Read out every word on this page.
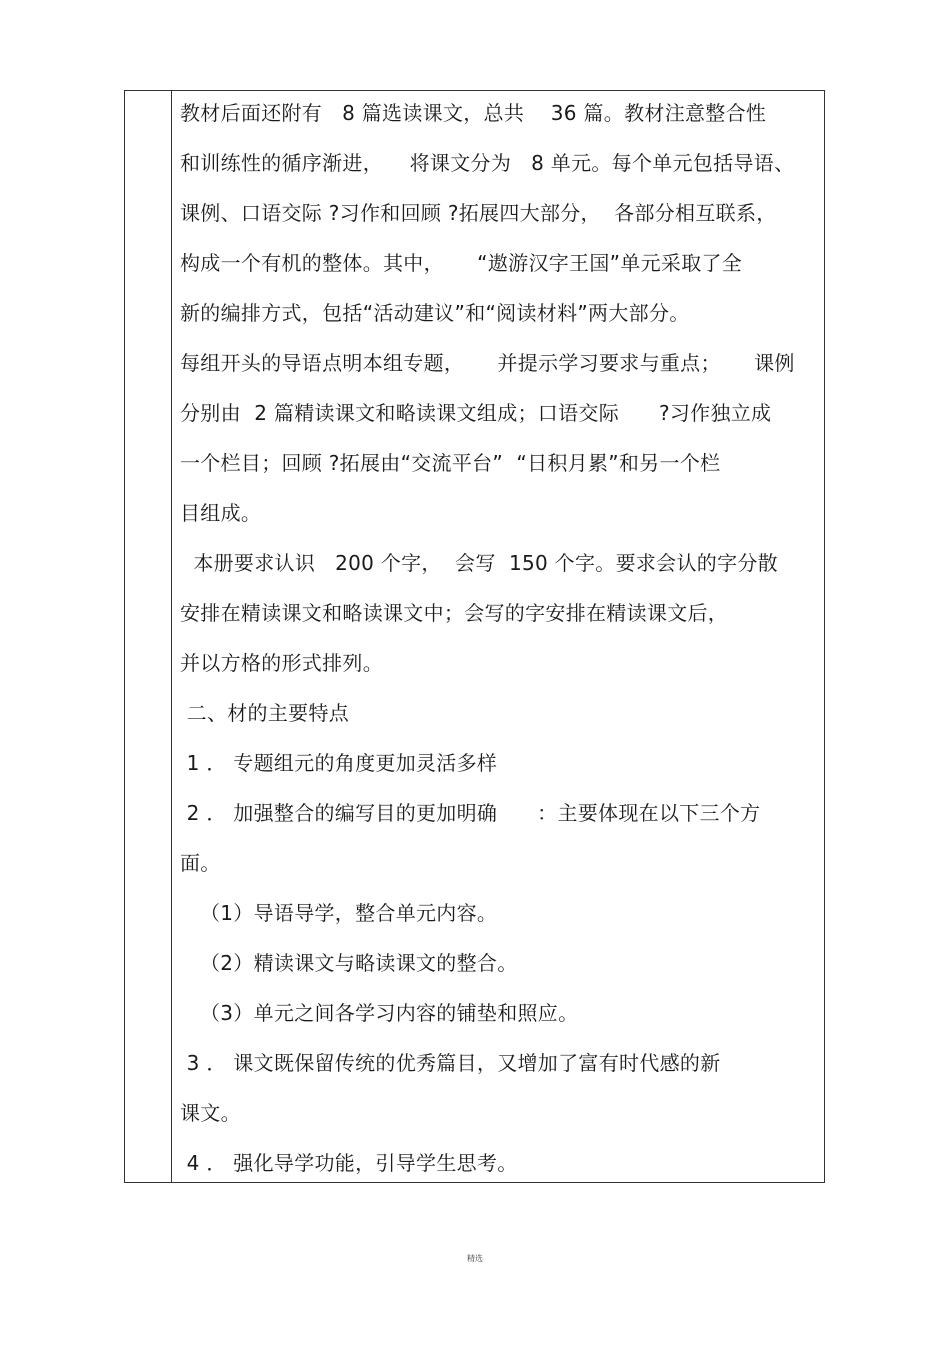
教材后面还附有   8 篇选读课文，总共    36 篇。教材注意整合性
和训练性的循序渐进，    将课文分为   8 单元。每个单元包括导语、
课例、口语交际 ?习作和回顾 ?拓展四大部分，  各部分相互联系，
构成一个有机的整体。其中，     “遨游汉字王国”单元采取了全
新的编排方式，包括“活动建议”和“阅读材料”两大部分。
每组开头的导语点明本组专题，     并提示学习要求与重点；     课例
分别由  2 篇精读课文和略读课文组成；口语交际      ?习作独立成
一个栏目；回顾 ?拓展由“交流平台”  “日积月累”和另一个栏
目组成。
本册要求认识   200 个字，  会写  150 个字。要求会认的字分散
安排在精读课文和略读课文中；会写的字安排在精读课文后，
并以方格的形式排列。
二、材的主要特点
1 ． 专题组元的角度更加灵活多样
2 ． 加强整合的编写目的更加明确      ：主要体现在以下三个方
面。
（1）导语导学，整合单元内容。
（2）精读课文与略读课文的整合。
（3）单元之间各学习内容的铺垫和照应。
3 ． 课文既保留传统的优秀篇目，又增加了富有时代感的新
课文。
4 ． 强化导学功能，引导学生思考。
精选
